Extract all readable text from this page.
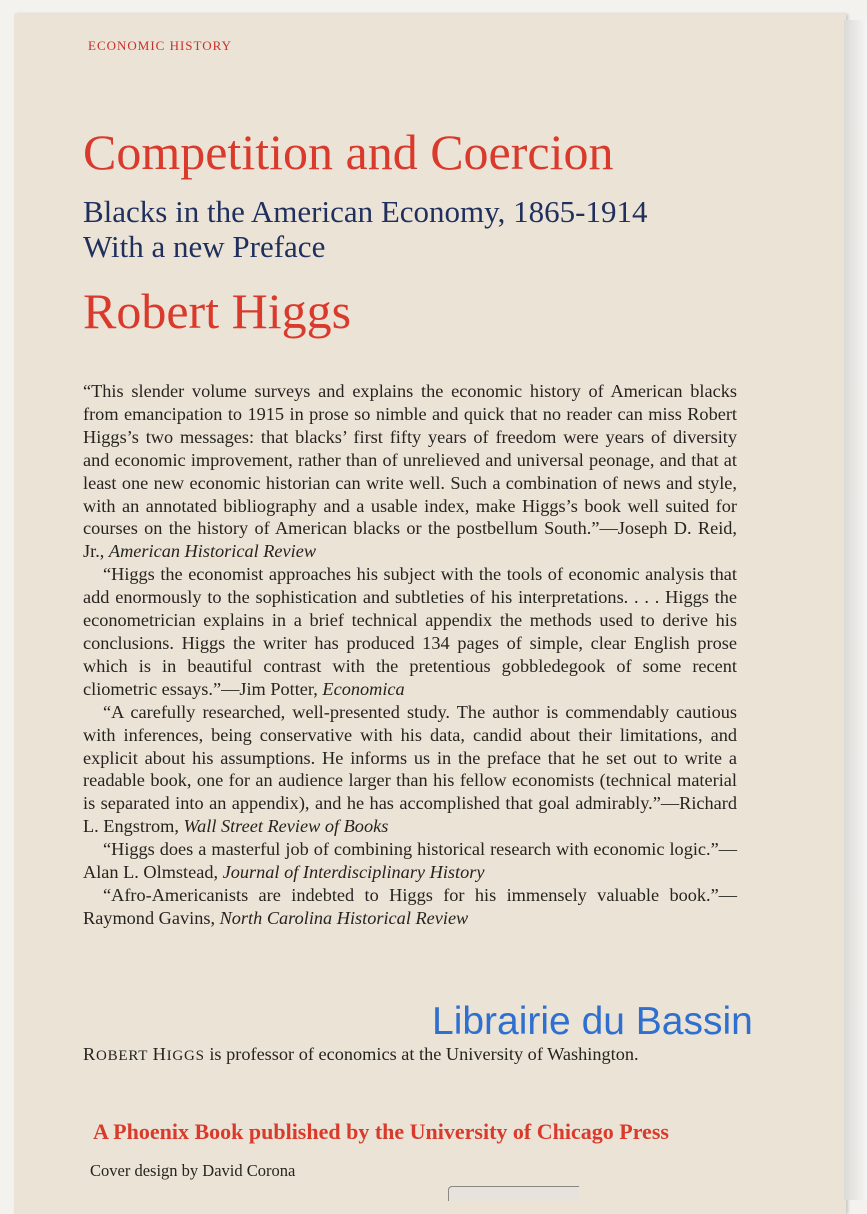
ECONOMIC HISTORY
Competition and Coercion
Blacks in the American Economy, 1865-1914
With a new Preface
Robert Higgs

“This slender volume surveys and explains the economic history of American blacks from emancipation to 1915 in prose so nimble and quick that no reader can miss Robert Higgs’s two messages: that blacks’ first fifty years of freedom were years of diversity and economic improvement, rather than of unrelieved and universal peonage, and that at least one new economic historian can write well. Such a combination of news and style, with an annotated bibliography and a usable index, make Higgs’s book well suited for courses on the history of American blacks or the postbellum South.”—Joseph D. Reid, Jr., American Historical Review

“Higgs the economist approaches his subject with the tools of economic analysis that add enormously to the sophistication and subtleties of his interpretations. . . . Higgs the econometrician explains in a brief technical appendix the methods used to derive his conclusions. Higgs the writer has produced 134 pages of simple, clear English prose which is in beautiful contrast with the pretentious gobbledegook of some recent cliometric essays.”—Jim Potter, Economica

“A carefully researched, well-presented study. The author is commendably cautious with inferences, being conservative with his data, candid about their limitations, and explicit about his assumptions. He informs us in the preface that he set out to write a readable book, one for an audience larger than his fellow economists (technical material is separated into an appendix), and he has accomplished that goal admirably.”—Richard L. Engstrom, Wall Street Review of Books

“Higgs does a masterful job of combining historical research with economic logic.”—Alan L. Olmstead, Journal of Interdisciplinary History

“Afro-Americanists are indebted to Higgs for his immensely valuable book.”—Raymond Gavins, North Carolina Historical Review

Librairie du Bassin
ROBERT HIGGS is professor of economics at the University of Washington.
A Phoenix Book published by the University of Chicago Press
Cover design by David Corona
